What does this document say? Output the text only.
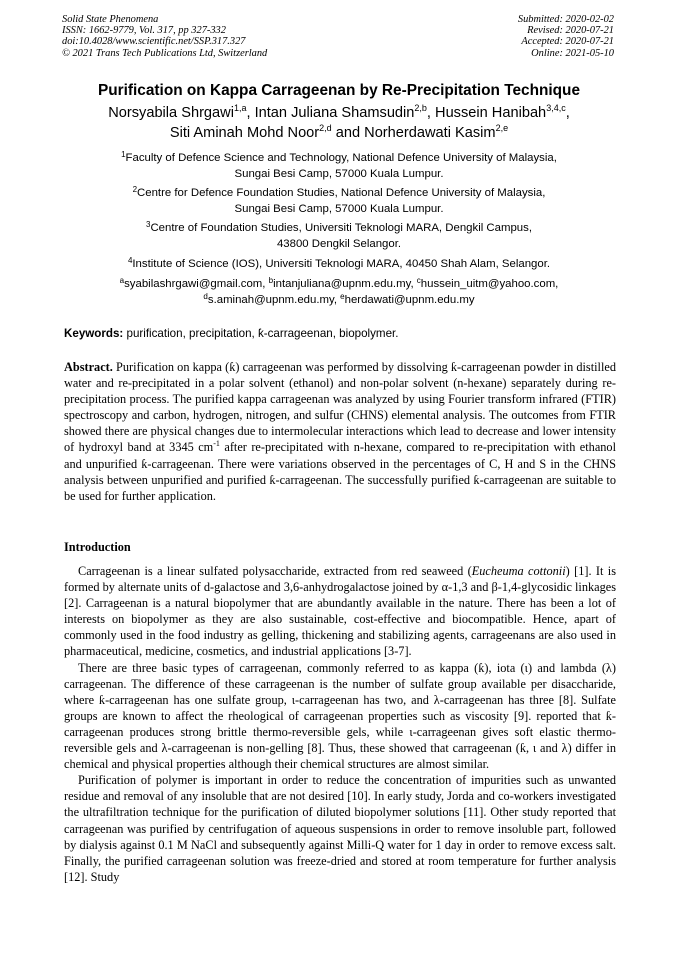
Solid State Phenomena
ISSN: 1662-9779, Vol. 317, pp 327-332
doi:10.4028/www.scientific.net/SSP.317.327
© 2021 Trans Tech Publications Ltd, Switzerland
Submitted: 2020-02-02
Revised: 2020-07-21
Accepted: 2020-07-21
Online: 2021-05-10
Purification on Kappa Carrageenan by Re-Precipitation Technique
Norsyabila Shrgawi$^{1,a}$, Intan Juliana Shamsudin$^{2,b}$, Hussein Hanibah$^{3,4,c}$,
Siti Aminah Mohd Noor$^{2,d}$ and Norherdawati Kasim$^{2,e}$
$^1$Faculty of Defence Science and Technology, National Defence University of Malaysia,
Sungai Besi Camp, 57000 Kuala Lumpur.
$^2$Centre for Defence Foundation Studies, National Defence University of Malaysia,
Sungai Besi Camp, 57000 Kuala Lumpur.
$^3$Centre of Foundation Studies, Universiti Teknologi MARA, Dengkil Campus,
43800 Dengkil Selangor.
$^4$Institute of Science (IOS), Universiti Teknologi MARA, 40450 Shah Alam, Selangor.
$^a$syabilashrgawi@gmail.com, $^b$intanjuliana@upnm.edu.my, $^c$hussein_uitm@yahoo.com,
$^d$s.aminah@upnm.edu.my, $^e$herdawati@upnm.edu.my
Keywords: purification, precipitation, ƙ-carrageenan, biopolymer.
Abstract. Purification on kappa (ƙ) carrageenan was performed by dissolving ƙ-carrageenan powder in distilled water and re-precipitated in a polar solvent (ethanol) and non-polar solvent (n-hexane) separately during re-precipitation process. The purified kappa carrageenan was analyzed by using Fourier transform infrared (FTIR) spectroscopy and carbon, hydrogen, nitrogen, and sulfur (CHNS) elemental analysis. The outcomes from FTIR showed there are physical changes due to intermolecular interactions which lead to decrease and lower intensity of hydroxyl band at 3345 $cm^{-1}$ after re-precipitated with n-hexane, compared to re-precipitation with ethanol and unpurified ƙ-carrageenan. There were variations observed in the percentages of C, H and S in the CHNS analysis between unpurified and purified ƙ-carrageenan. The successfully purified ƙ-carrageenan are suitable to be used for further application.
Introduction

Carrageenan is a linear sulfated polysaccharide, extracted from red seaweed (Eucheuma cottonii) [1]. It is formed by alternate units of d-galactose and 3,6-anhydrogalactose joined by α-1,3 and β-1,4-glycosidic linkages [2]. Carrageenan is a natural biopolymer that are abundantly available in the nature. There has been a lot of interests on biopolymer as they are also sustainable, cost-effective and biocompatible. Hence, apart of commonly used in the food industry as gelling, thickening and stabilizing agents, carrageenans are also used in pharmaceutical, medicine, cosmetics, and industrial applications [3-7].

There are three basic types of carrageenan, commonly referred to as kappa (ƙ), iota (ɩ) and lambda (λ) carrageenan. The difference of these carrageenan is the number of sulfate group available per disaccharide, where ƙ-carrageenan has one sulfate group, ɩ-carrageenan has two, and λ-carrageenan has three [8]. Sulfate groups are known to affect the rheological of carrageenan properties such as viscosity [9]. reported that ƙ-carrageenan produces strong brittle thermo-reversible gels, while ɩ-carrageenan gives soft elastic thermo-reversible gels and λ-carrageenan is non-gelling [8]. Thus, these showed that carrageenan (ƙ, ɩ and λ) differ in chemical and physical properties although their chemical structures are almost similar.

Purification of polymer is important in order to reduce the concentration of impurities such as unwanted residue and removal of any insoluble that are not desired [10]. In early study, Jorda and co-workers investigated the ultrafiltration technique for the purification of diluted biopolymer solutions [11]. Other study reported that carrageenan was purified by centrifugation of aqueous suspensions in order to remove insoluble part, followed by dialysis against 0.1 M NaCl and subsequently against Milli-Q water for 1 day in order to remove excess salt. Finally, the purified carrageenan solution was freeze-dried and stored at room temperature for further analysis [12]. Study
